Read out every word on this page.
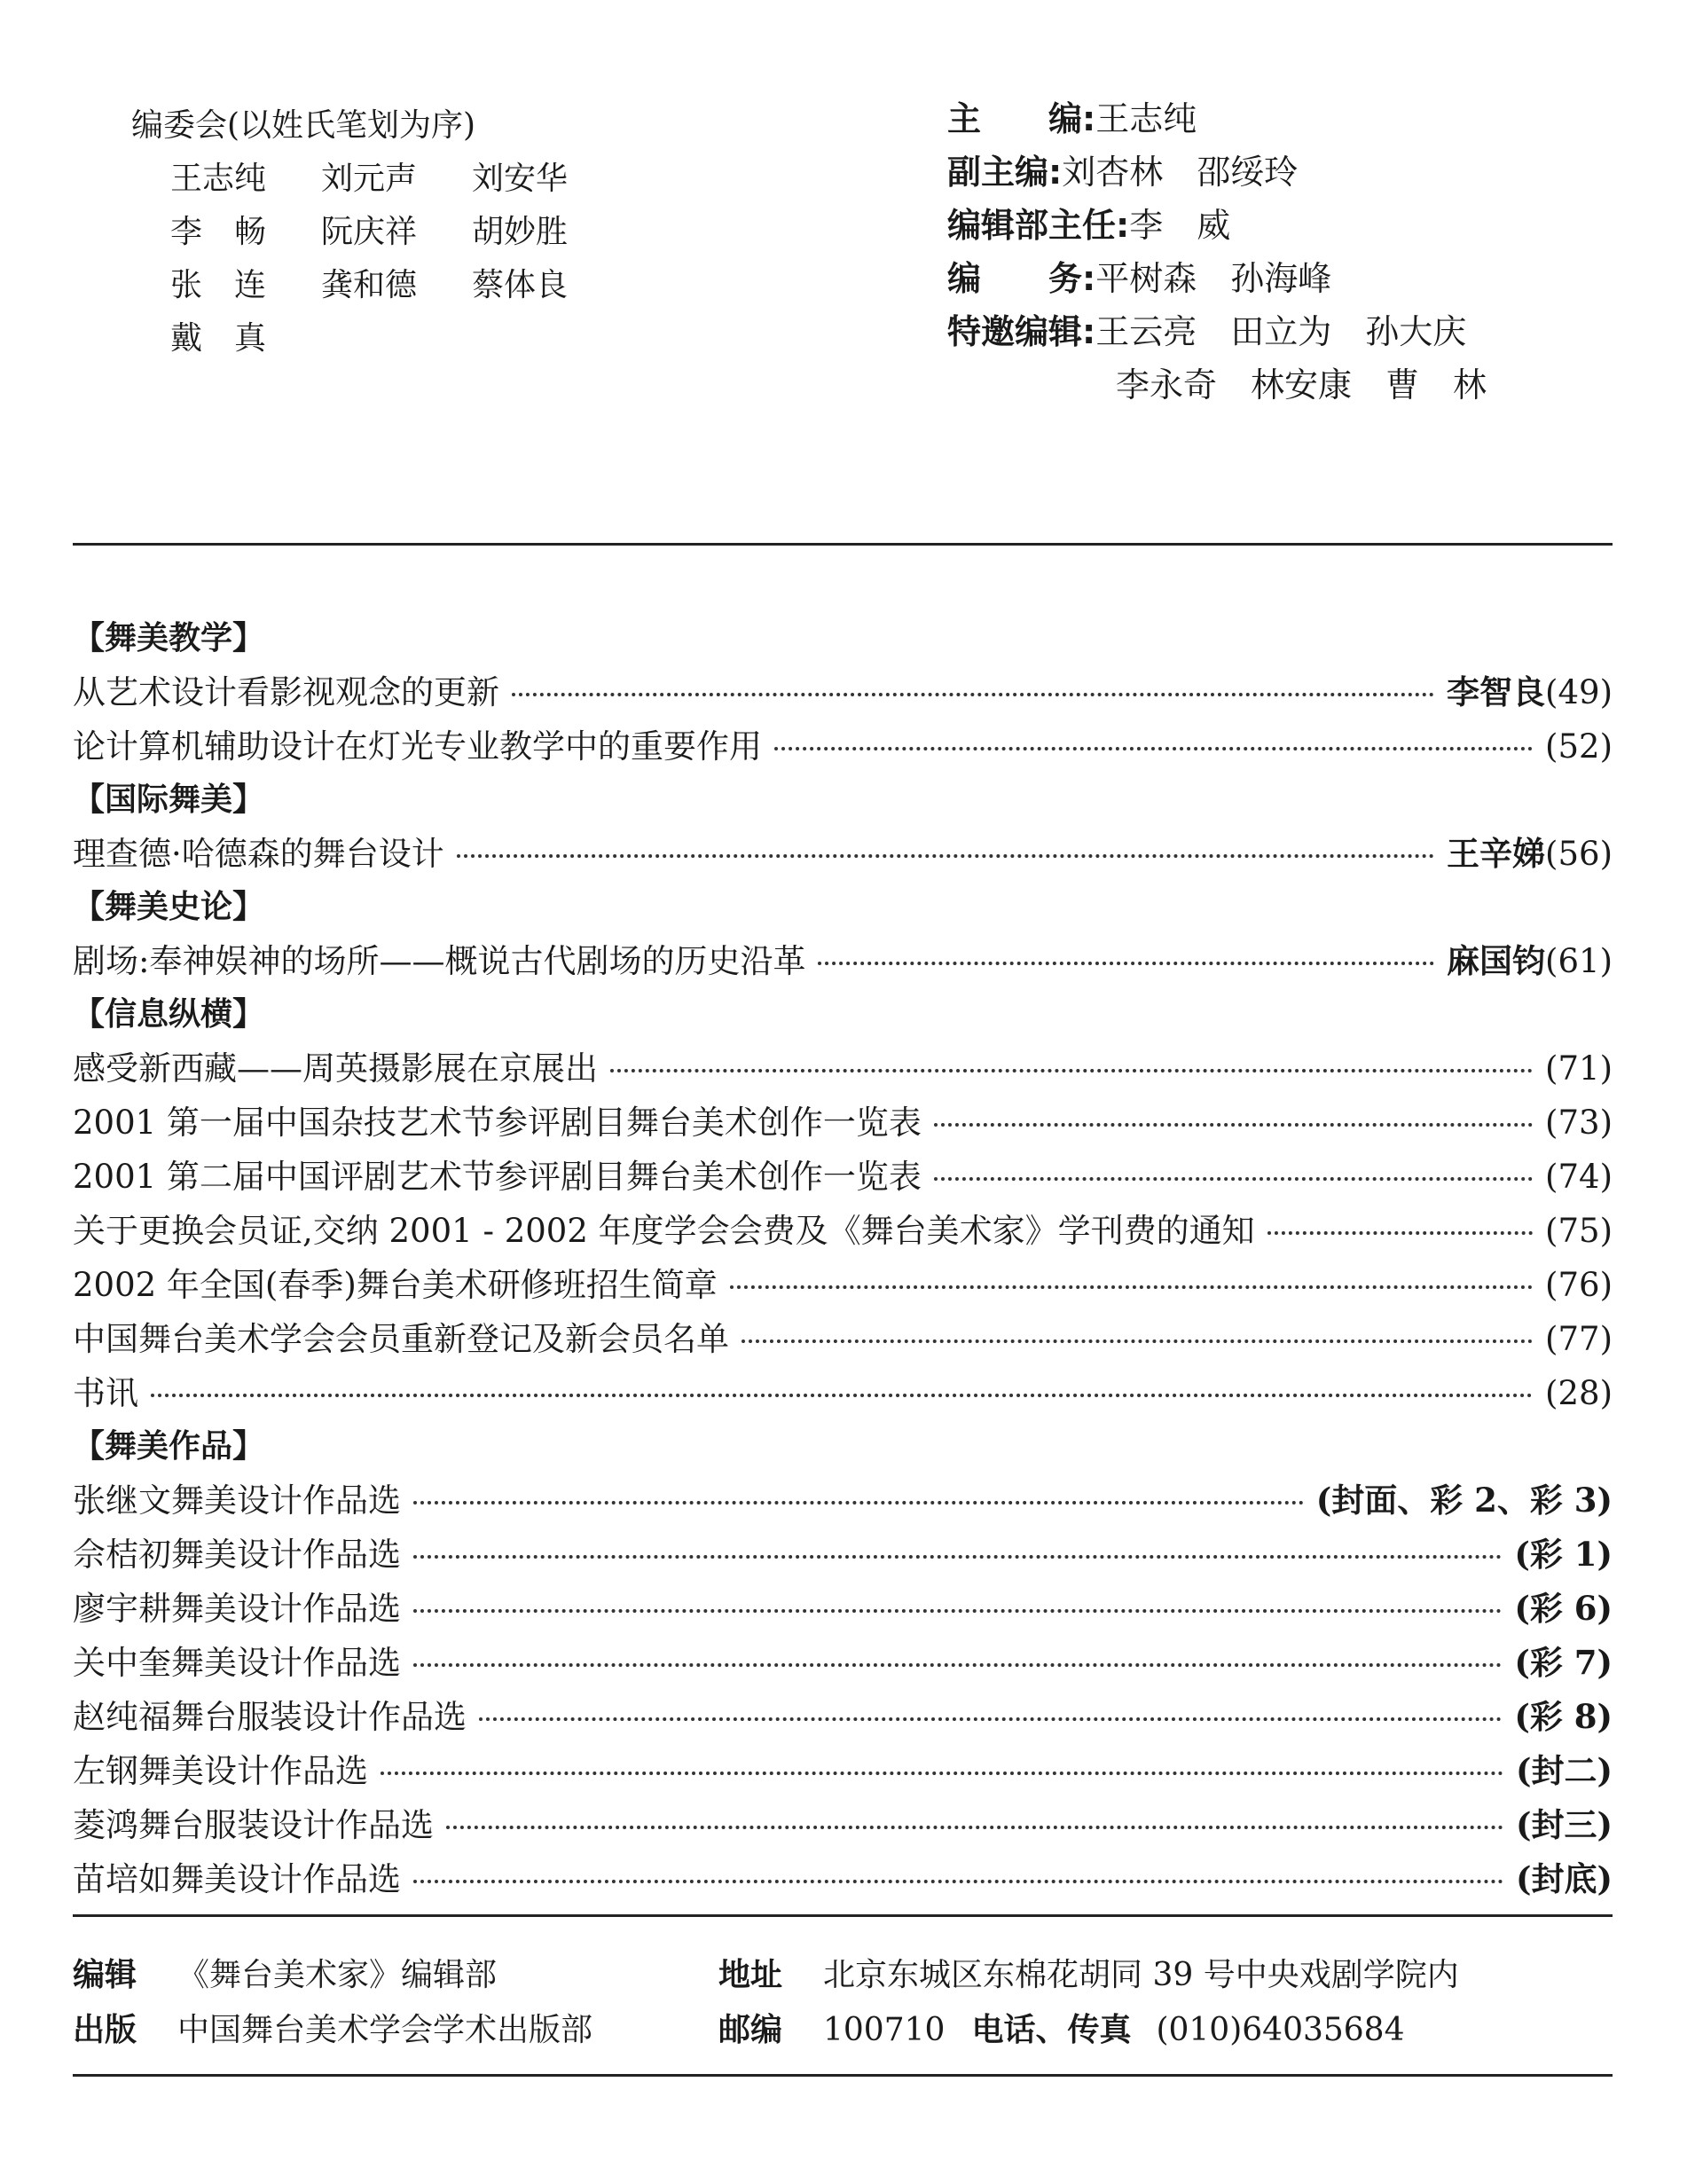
编委会(以姓氏笔划为序)
王志纯	刘元声	刘安华
李　畅	阮庆祥	胡妙胜
张　连	龚和德	蔡体良
戴　真
主　　编: 王志纯
副主编: 刘杏林　邵绥玲
编辑部主任: 李　威
编　　务: 平树森　孙海峰
特邀编辑: 王云亮　田立为　孙大庆
李永奇　林安康　曹　林
【舞美教学】
从艺术设计看影视观念的更新	李智良(49)
论计算机辅助设计在灯光专业教学中的重要作用	(52)
【国际舞美】
理查德·哈德森的舞台设计	王辛娣(56)
【舞美史论】
剧场:奉神娱神的场所——概说古代剧场的历史沿革	麻国钧(61)
【信息纵横】
感受新西藏——周英摄影展在京展出	(71)
2001 第一届中国杂技艺术节参评剧目舞台美术创作一览表	(73)
2001 第二届中国评剧艺术节参评剧目舞台美术创作一览表	(74)
关于更换会员证,交纳 2001 - 2002 年度学会会费及《舞台美术家》学刊费的通知	(75)
2002 年全国(春季)舞台美术研修班招生简章	(76)
中国舞台美术学会会员重新登记及新会员名单	(77)
书讯	(28)
【舞美作品】
张继文舞美设计作品选	(封面、彩 2、彩 3)
佘桔初舞美设计作品选	(彩 1)
廖宇耕舞美设计作品选	(彩 6)
关中奎舞美设计作品选	(彩 7)
赵纯福舞台服装设计作品选	(彩 8)
左钢舞美设计作品选	(封二)
菱鸿舞台服装设计作品选	(封三)
苗培如舞美设计作品选	(封底)
编辑	《舞台美术家》编辑部	地址	北京东城区东棉花胡同 39 号中央戏剧学院内
出版	中国舞台美术学会学术出版部	邮编	100710 电话、传真 (010)64035684
